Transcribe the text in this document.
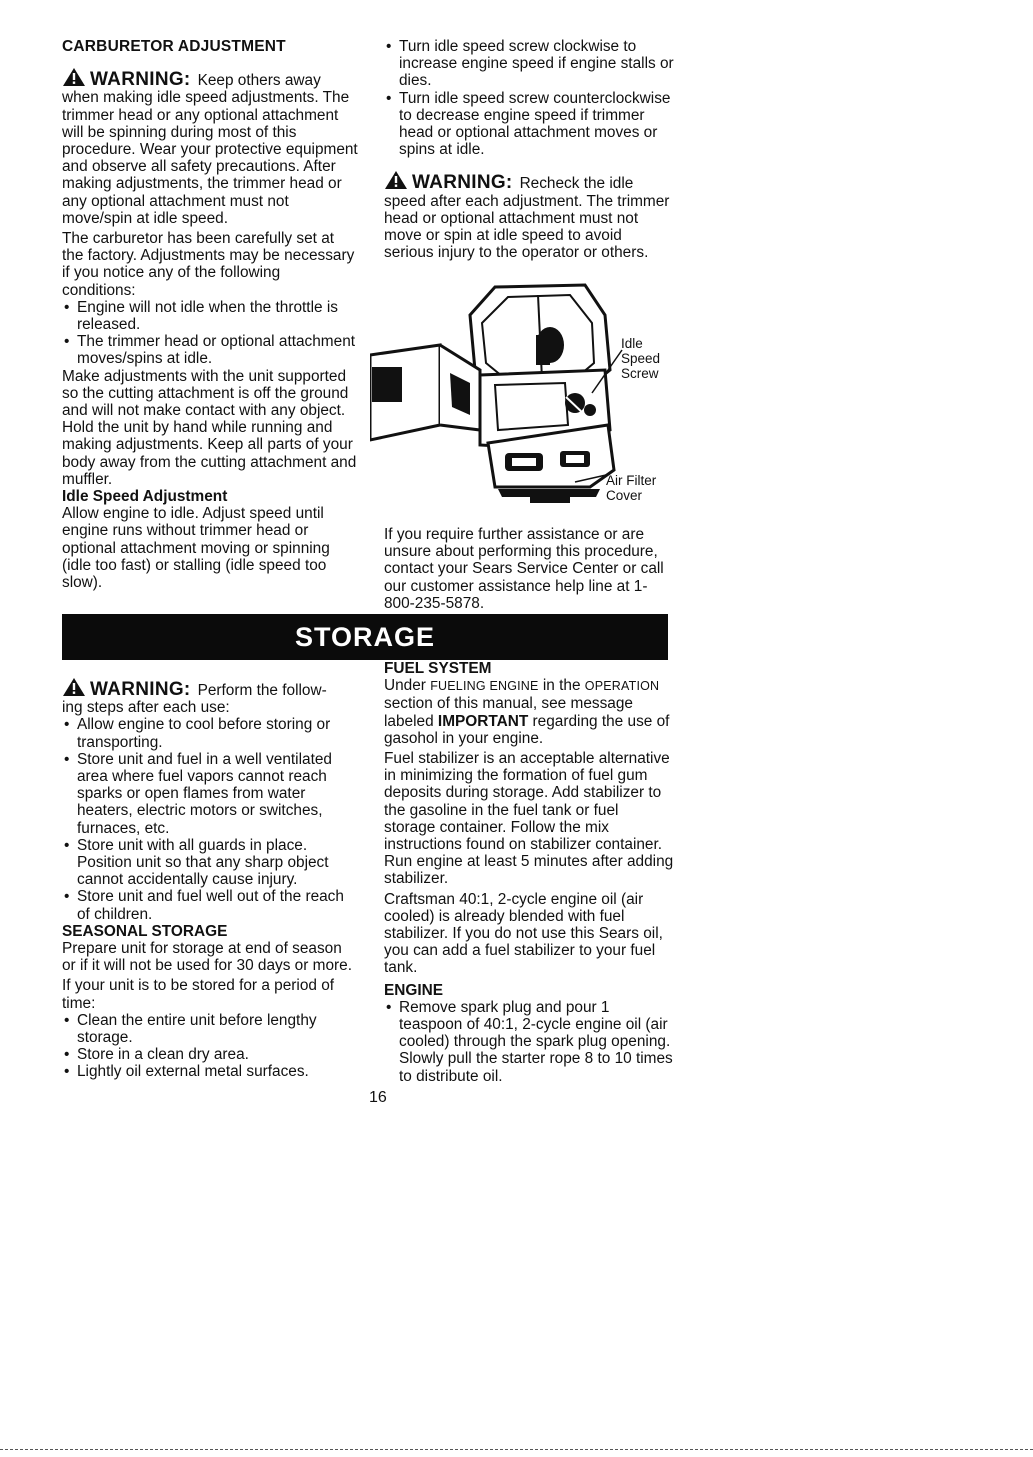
CARBURETOR ADJUSTMENT

WARNING: Keep others away

when making idle speed adjustments. The trimmer head or any optional attachment will be spinning during most of this procedure. Wear your protective equipment and observe all safety precautions. After making adjustments, the trimmer head or any optional attachment must not move/spin at idle speed.

The carburetor has been carefully set at the factory. Adjustments may be necessary if you notice any of the following conditions:

• Engine will not idle when the throttle is released.

• The trimmer head or optional attachment moves/spins at idle.

Make adjustments with the unit supported so the cutting attachment is off the ground and will not make contact with any object. Hold the unit by hand while running and making adjustments. Keep all parts of your body away from the cutting attachment and muffler.

Idle Speed Adjustment

Allow engine to idle. Adjust speed until engine runs without trimmer head or optional attachment moving or spinning (idle too fast) or stalling (idle speed too slow).

• Turn idle speed screw clockwise to increase engine speed if engine stalls or dies.

• Turn idle speed screw counterclockwise to decrease engine speed if trimmer head or optional attachment moves or spins at idle.

WARNING: Recheck the idle

speed after each adjustment. The trimmer head or optional attachment must not move or spin at idle speed to avoid serious injury to the operator or others.

Idle
Speed
Screw
Air Filter
Cover

If you require further assistance or are unsure about performing this procedure, contact your Sears Service Center or call our customer assistance help line at 1-800-235-5878.

STORAGE
WARNING: Perform the follow-

ing steps after each use:

• Allow engine to cool before storing or transporting.

• Store unit and fuel in a well ventilated area where fuel vapors cannot reach sparks or open flames from water heaters, electric motors or switches, furnaces, etc.

• Store unit with all guards in place. Position unit so that any sharp object cannot accidentally cause injury.

• Store unit and fuel well out of the reach of children.

SEASONAL STORAGE

Prepare unit for storage at end of season or if it will not be used for 30 days or more.

If your unit is to be stored for a period of time:

• Clean the entire unit before lengthy storage.

• Store in a clean dry area.

• Lightly oil external metal surfaces.

FUEL SYSTEM

Under FUELING ENGINE in the OPERATION section of this manual, see message labeled IMPORTANT regarding the use of gasohol in your engine.

Fuel stabilizer is an acceptable alternative in minimizing the formation of fuel gum deposits during storage. Add stabilizer to the gasoline in the fuel tank or fuel storage container. Follow the mix instructions found on stabilizer container. Run engine at least 5 minutes after adding stabilizer.

Craftsman 40:1, 2-cycle engine oil (air cooled) is already blended with fuel stabilizer. If you do not use this Sears oil, you can add a fuel stabilizer to your fuel tank.

ENGINE

• Remove spark plug and pour 1 teaspoon of 40:1, 2-cycle engine oil (air cooled) through the spark plug opening. Slowly pull the starter rope 8 to 10 times to distribute oil.

16
